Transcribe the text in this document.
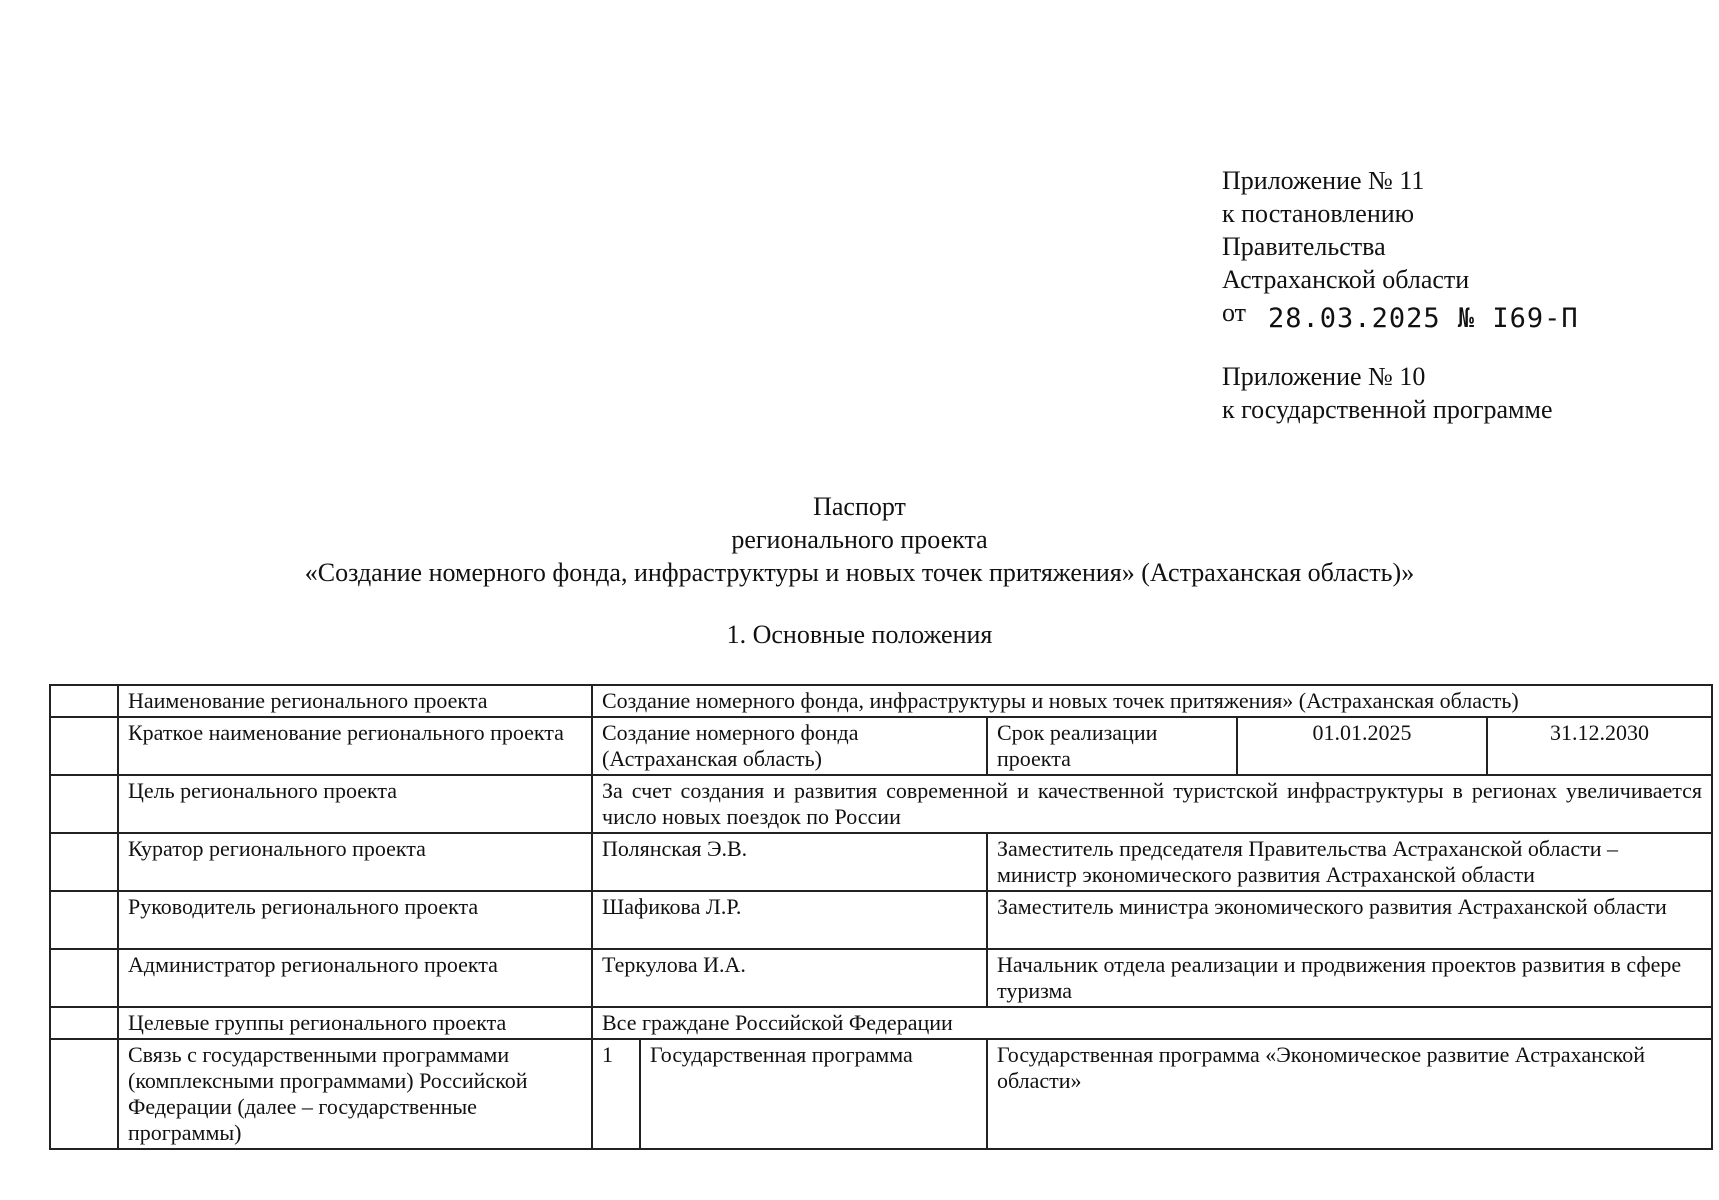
Приложение № 11
к постановлению
Правительства
Астраханской области
от 28.03.2025 № I69-П
Приложение № 10
к государственной программе
Паспорт
регионального проекта
«Создание номерного фонда, инфраструктуры и новых точек притяжения» (Астраханская область)»
1. Основные положения
	Наименование регионального проекта	Создание номерного фонда, инфраструктуры и новых точек притяжения» (Астраханская область)				
	Краткое наименование регионального проекта	Создание номерного фонда (Астраханская область)		Срок реализации проекта	01.01.2025	31.12.2030
	Цель регионального проекта	За счет создания и развития современной и качественной туристской инфраструктуры в регионах увеличивается число новых поездок по России				
	Куратор регионального проекта	Полянская Э.В.		Заместитель председателя Правительства Астраханской области – министр экономического развития Астраханской области		
	Руководитель регионального проекта	Шафикова Л.Р.		Заместитель министра экономического развития Астраханской области		
	Администратор регионального проекта	Теркулова И.А.		Начальник отдела реализации и продвижения проектов развития в сфере туризма		
	Целевые группы регионального проекта	Все граждане Российской Федерации				
	Связь с государственными программами (комплексными программами) Российской Федерации (далее – государственные программы)	1	Государственная программа	Государственная программа «Экономическое развитие Астраханской области»		
